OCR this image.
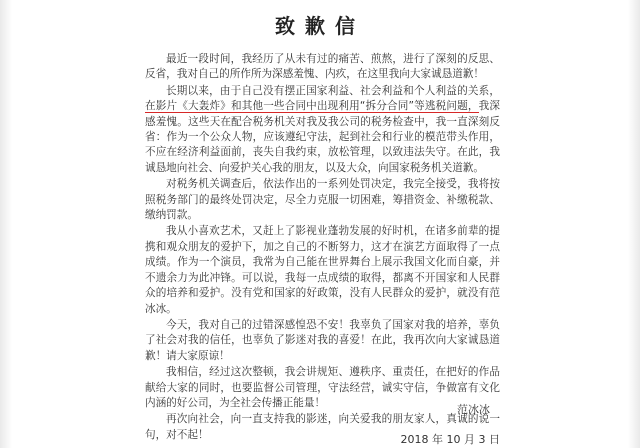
致歉信

最近一段时间，我经历了从未有过的痛苦、煎熬，进行了深刻的反思、反省，我对自己的所作所为深感羞愧、内疚，在这里我向大家诚恳道歉！

长期以来，由于自己没有摆正国家利益、社会利益和个人利益的关系，在影片《大轰炸》和其他一些合同中出现利用“拆分合同”等逃税问题，我深感羞愧。这些天在配合税务机关对我及我公司的税务检查中，我一直深刻反省：作为一个公众人物，应该遵纪守法，起到社会和行业的模范带头作用，不应在经济利益面前，丧失自我约束，放松管理，以致违法失守。在此，我诚恳地向社会、向爱护关心我的朋友，以及大众，向国家税务机关道歉。

对税务机关调查后，依法作出的一系列处罚决定，我完全接受，我将按照税务部门的最终处罚决定，尽全力克服一切困难，筹措资金、补缴税款、缴纳罚款。

我从小喜欢艺术，又赶上了影视业蓬勃发展的好时机，在诸多前辈的提携和观众朋友的爱护下，加之自己的不断努力，这才在演艺方面取得了一点成绩。作为一个演员，我常为自己能在世界舞台上展示我国文化而自豪，并不遗余力为此冲锋。可以说，我每一点成绩的取得，都离不开国家和人民群众的培养和爱护。没有党和国家的好政策，没有人民群众的爱护，就没有范冰冰。

今天，我对自己的过错深感惶恐不安！我辜负了国家对我的培养，辜负了社会对我的信任，也辜负了影迷对我的喜爱！在此，我再次向大家诚恳道歉！请大家原谅！

我相信，经过这次整顿，我会讲规矩、遵秩序、重责任，在把好的作品献给大家的同时，也要监督公司管理，守法经营，诚实守信，争做富有文化内涵的好公司，为全社会传播正能量！

再次向社会，向一直支持我的影迷，向关爱我的朋友家人，真诚的说一句，对不起！

范冰冰
2018 年 10 月 3 日
